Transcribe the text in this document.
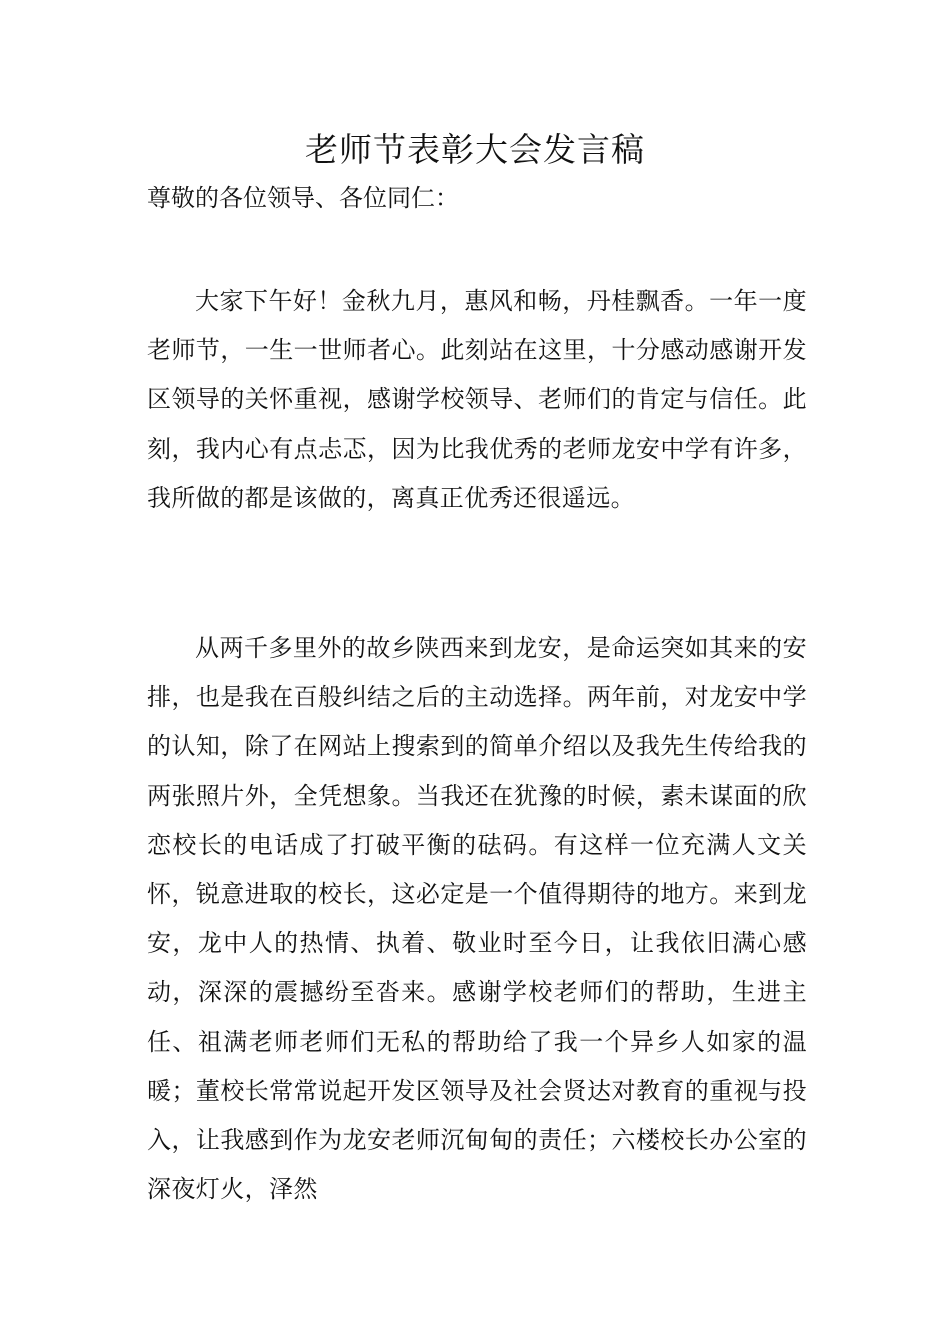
老师节表彰大会发言稿

尊敬的各位领导、各位同仁：

大家下午好！金秋九月，惠风和畅，丹桂飘香。一年一度老师节，一生一世师者心。此刻站在这里，十分感动感谢开发区领导的关怀重视，感谢学校领导、老师们的肯定与信任。此刻，我内心有点忐忑，因为比我优秀的老师龙安中学有许多，我所做的都是该做的，离真正优秀还很遥远。

从两千多里外的故乡陕西来到龙安，是命运突如其来的安排，也是我在百般纠结之后的主动选择。两年前，对龙安中学的认知，除了在网站上搜索到的简单介绍以及我先生传给我的两张照片外，全凭想象。当我还在犹豫的时候，素未谋面的欣恋校长的电话成了打破平衡的砝码。有这样一位充满人文关怀，锐意进取的校长，这必定是一个值得期待的地方。来到龙安，龙中人的热情、执着、敬业时至今日，让我依旧满心感动，深深的震撼纷至沓来。感谢学校老师们的帮助，生进主任、祖满老师老师们无私的帮助给了我一个异乡人如家的温暖；董校长常常说起开发区领导及社会贤达对教育的重视与投入，让我感到作为龙安老师沉甸甸的责任；六楼校长办公室的深夜灯火，泽然
